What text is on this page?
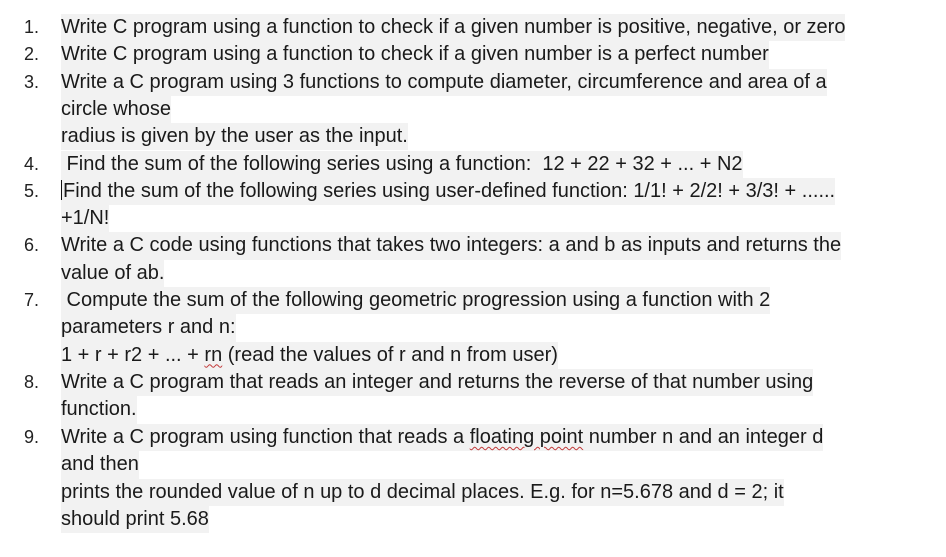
1.	Write C program using a function to check if a given number is positive, negative, or zero
2.	Write C program using a function to check if a given number is a perfect number
3.	Write a C program using 3 functions to compute diameter, circumference and area of a
circle whose
radius is given by the user as the input.
4.	Find the sum of the following series using a function:  12 + 22 + 32 + ... + N2
5.	Find the sum of the following series using user-defined function: 1/1! + 2/2! + 3/3! + ......
+1/N!
6.	Write a C code using functions that takes two integers: a and b as inputs and returns the
value of ab.
7.	Compute the sum of the following geometric progression using a function with 2
parameters r and n:
1 + r + r2 + ... + rn (read the values of r and n from user)
8.	Write a C program that reads an integer and returns the reverse of that number using
function.
9.	Write a C program using function that reads a floating point number n and an integer d
and then
prints the rounded value of n up to d decimal places. E.g. for n=5.678 and d = 2; it
should print 5.68
